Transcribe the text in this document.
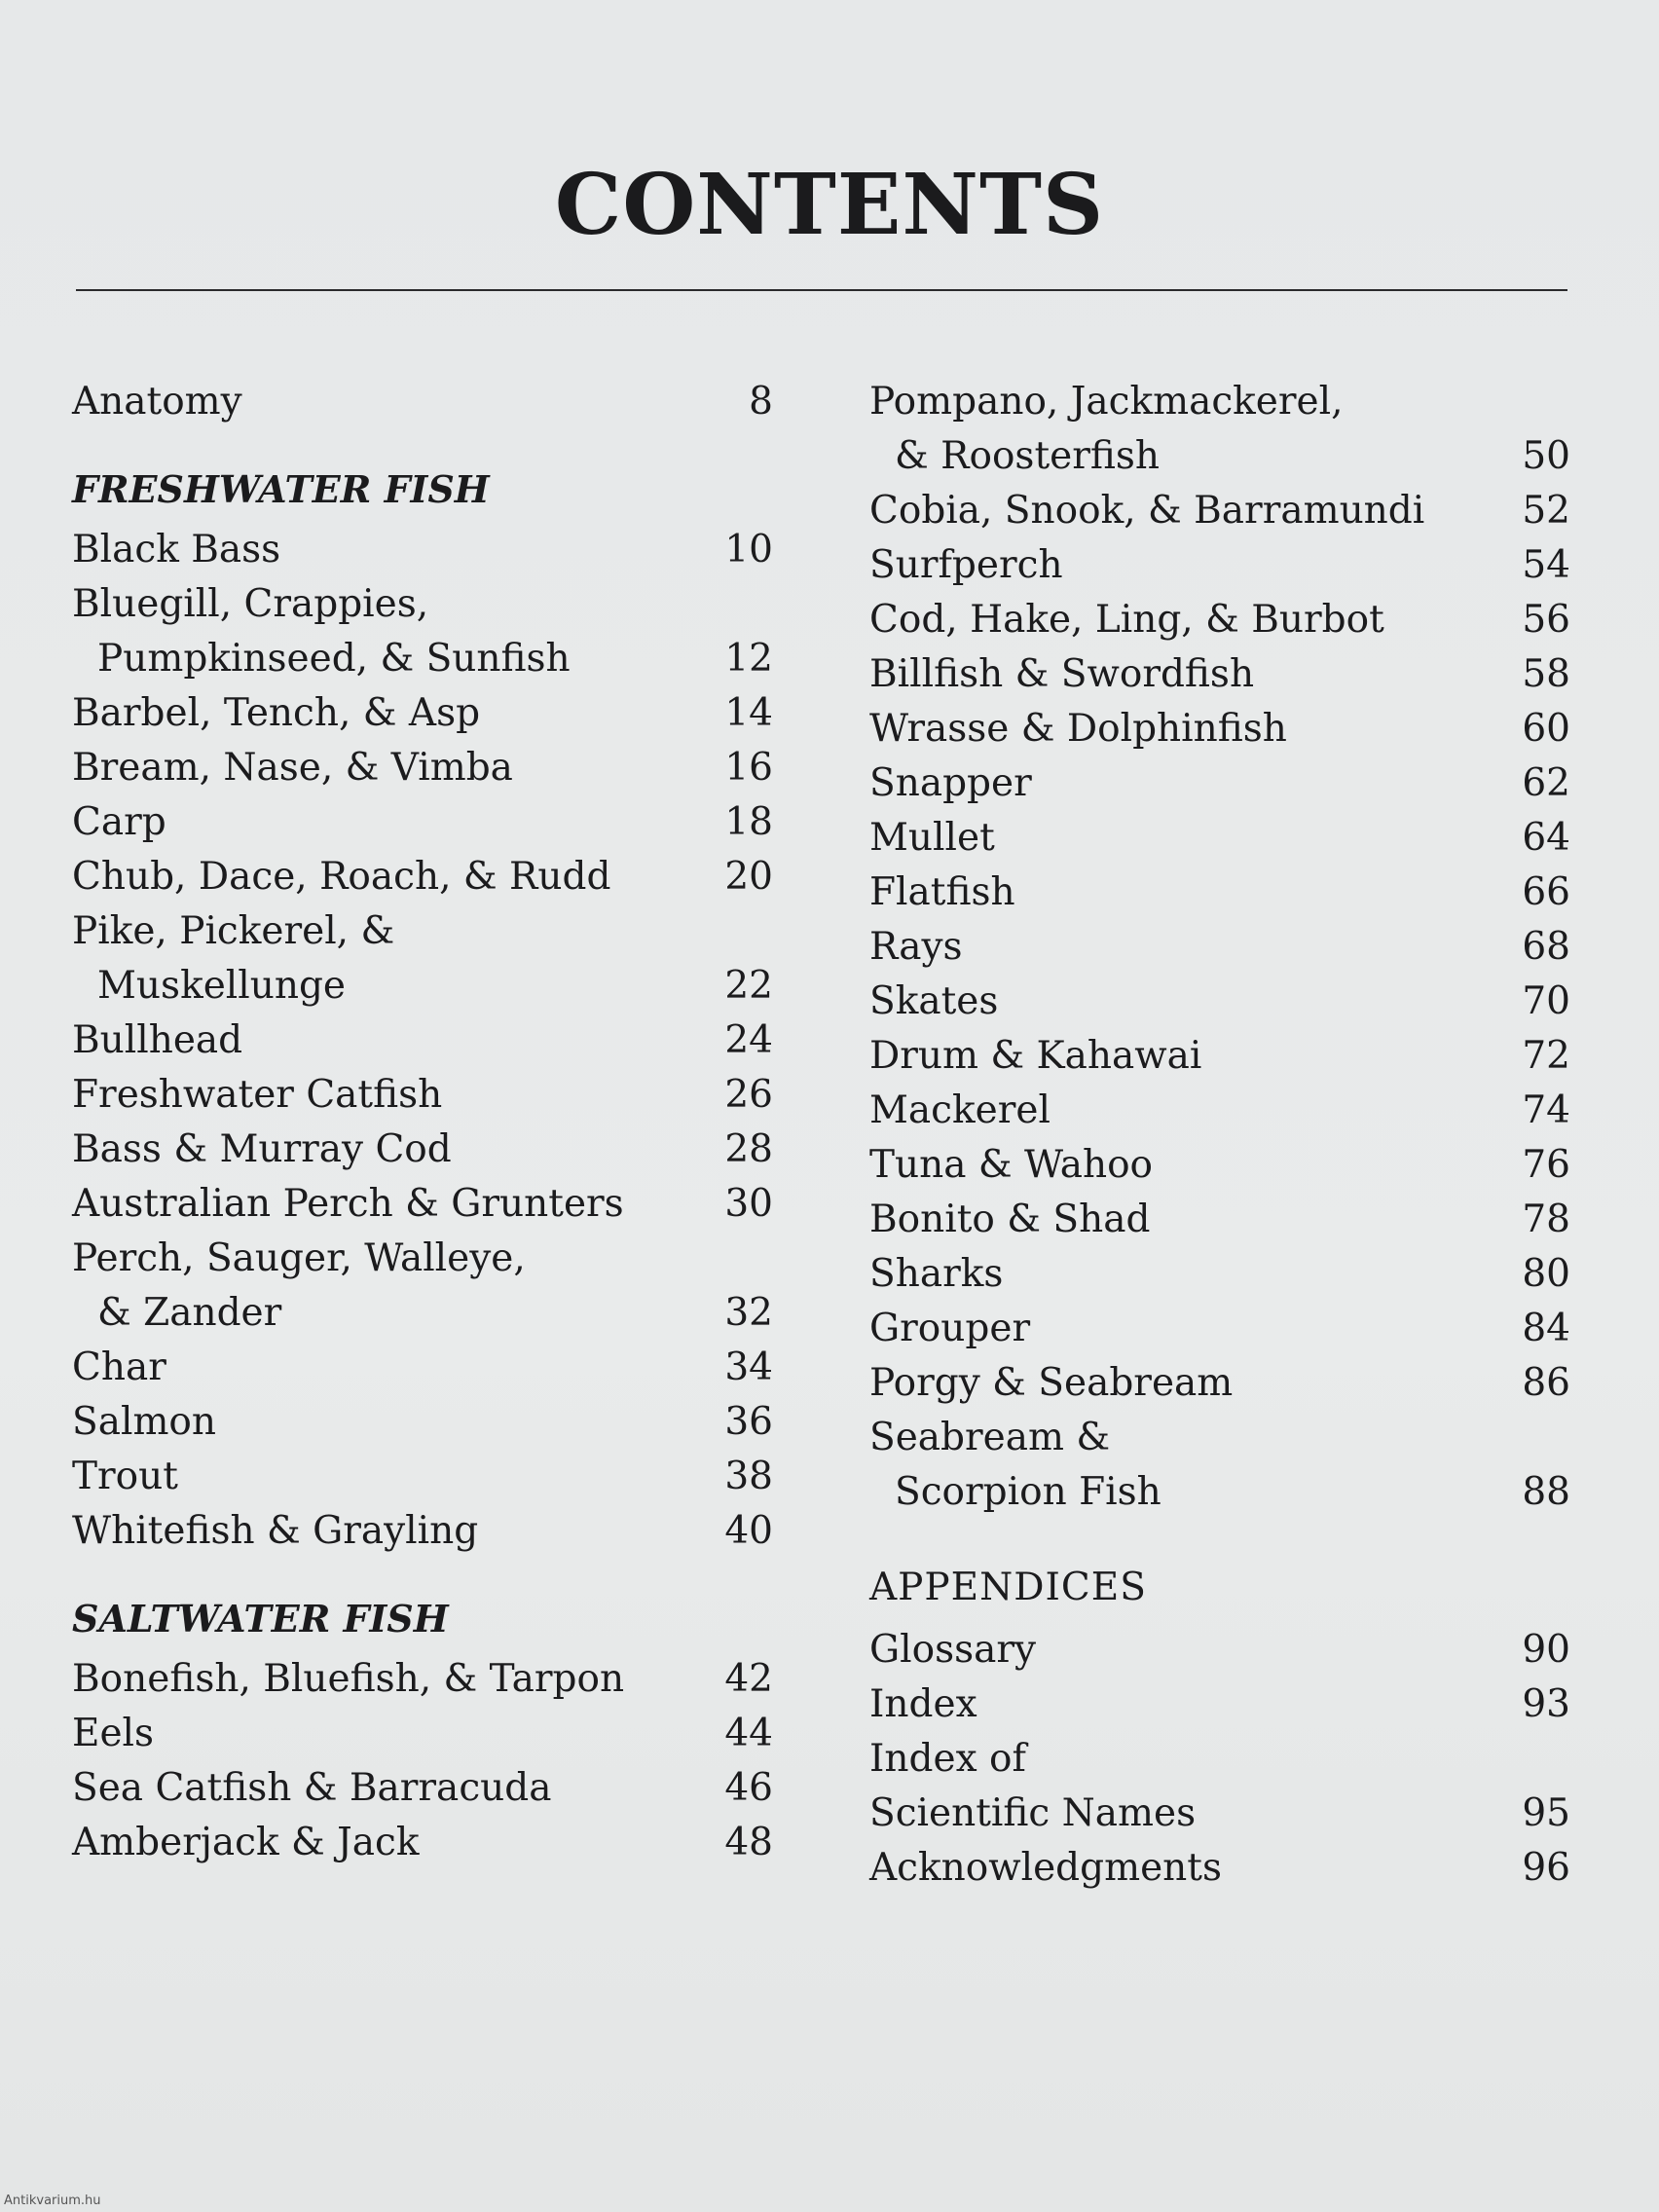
CONTENTS
Anatomy	8
FRESHWATER FISH
Black Bass	10
Bluegill, Crappies,
Pumpkinseed, & Sunfish	12
Barbel, Tench, & Asp	14
Bream, Nase, & Vimba	16
Carp	18
Chub, Dace, Roach, & Rudd	20
Pike, Pickerel, &
Muskellunge	22
Bullhead	24
Freshwater Catfish	26
Bass & Murray Cod	28
Australian Perch & Grunters	30
Perch, Sauger, Walleye,
& Zander	32
Char	34
Salmon	36
Trout	38
Whitefish & Grayling	40
SALTWATER FISH
Bonefish, Bluefish, & Tarpon	42
Eels	44
Sea Catfish & Barracuda	46
Amberjack & Jack	48
Pompano, Jackmackerel,
& Roosterfish	50
Cobia, Snook, & Barramundi	52
Surfperch	54
Cod, Hake, Ling, & Burbot	56
Billfish & Swordfish	58
Wrasse & Dolphinfish	60
Snapper	62
Mullet	64
Flatfish	66
Rays	68
Skates	70
Drum & Kahawai	72
Mackerel	74
Tuna & Wahoo	76
Bonito & Shad	78
Sharks	80
Grouper	84
Porgy & Seabream	86
Seabream &
Scorpion Fish	88
APPENDICES
Glossary	90
Index	93
Index of
Scientific Names	95
Acknowledgments	96
Antikvarium.hu
